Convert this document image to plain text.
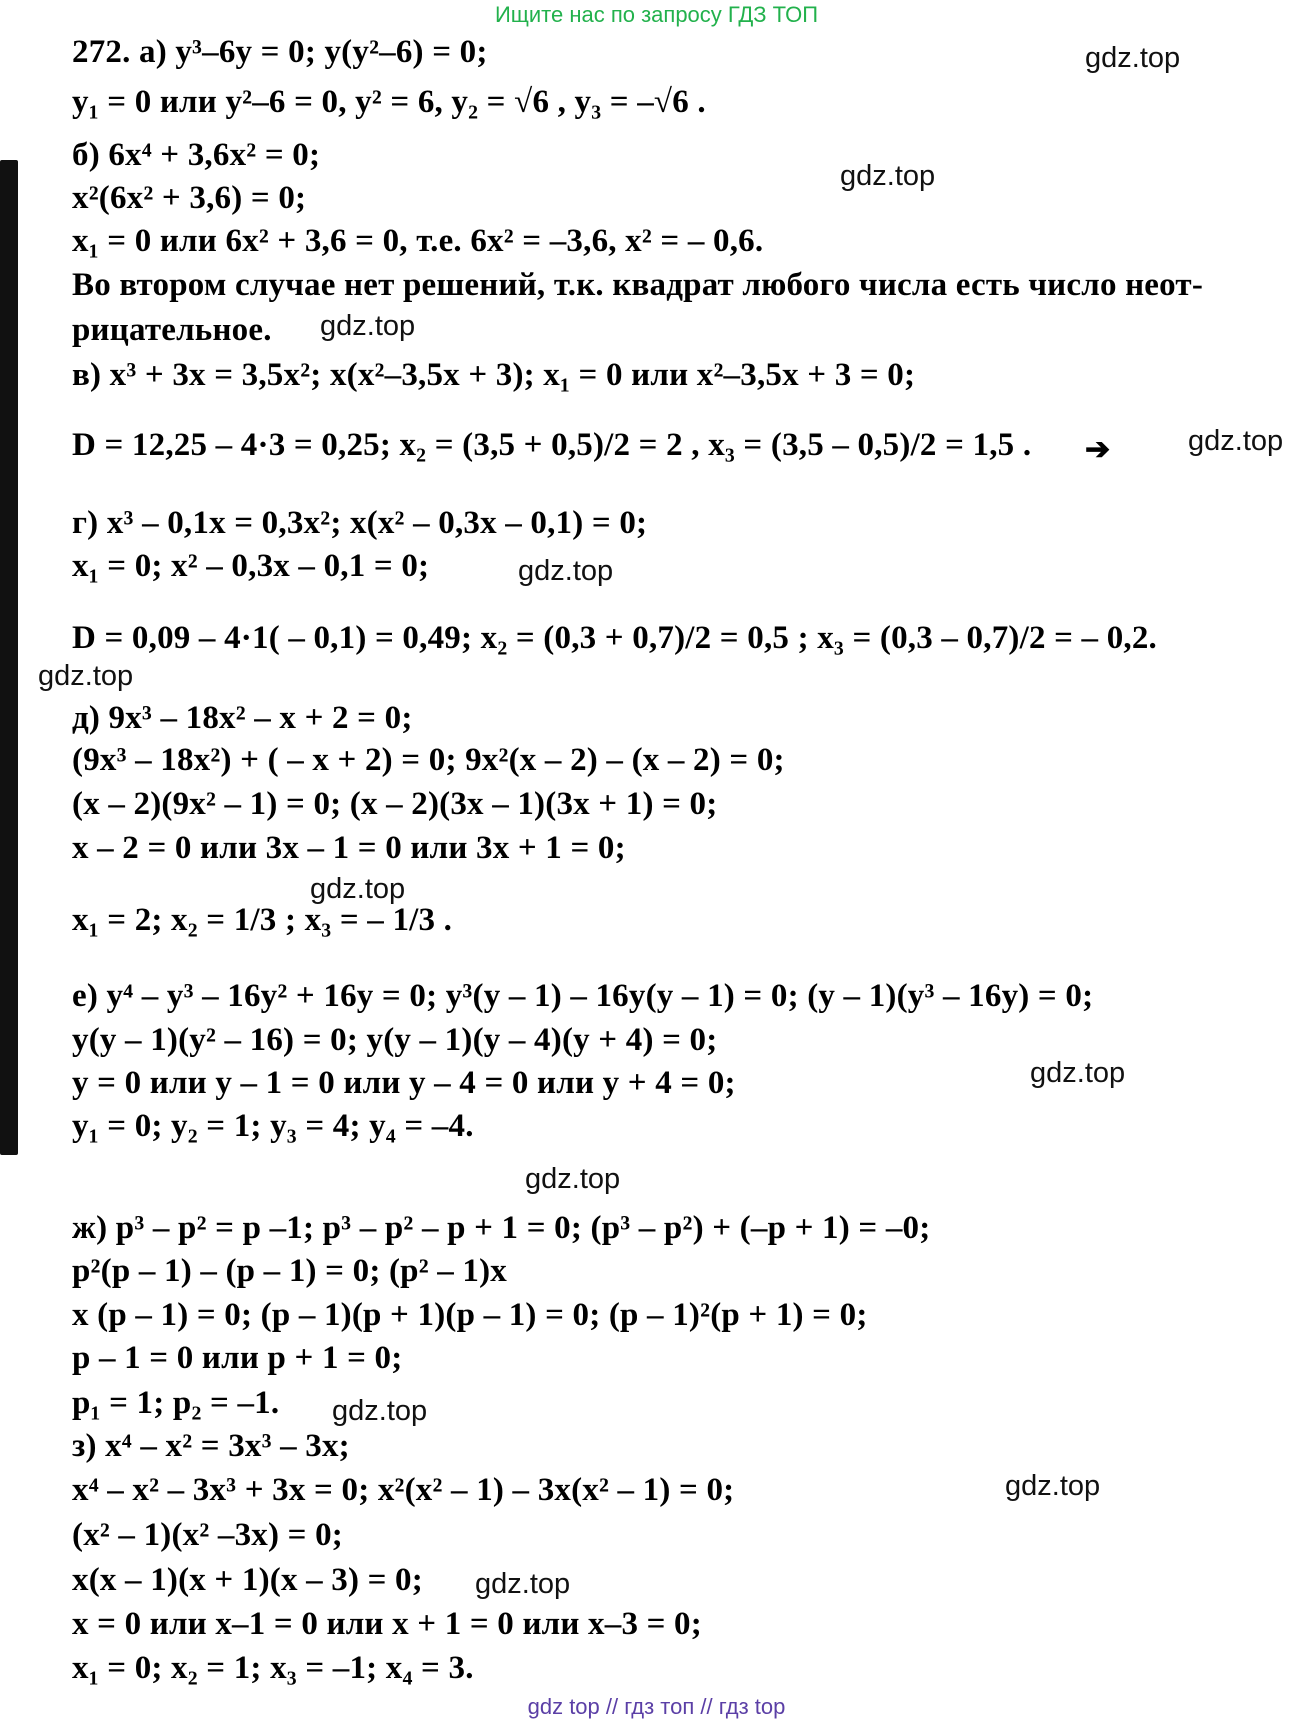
Ищите нас по запросу ГДЗ ТОП
272. а) y³–6y = 0; y(y²–6) = 0;
y₁ = 0 или y²–6 = 0, y² = 6, y₂ = √6 , y₃ = –√6 .
б) 6x⁴ + 3,6x² = 0;
x²(6x² + 3,6) = 0;
x₁ = 0 или 6x² + 3,6 = 0, т.е. 6x² = –3,6, x² = – 0,6.
Во втором случае нет решений, т.к. квадрат любого числа есть число неот-
рицательное.
в) x³ + 3x = 3,5x²; x(x²–3,5x + 3); x₁ = 0 или x²–3,5x + 3 = 0;
D = 12,25 – 4·3 = 0,25; x₂ = (3,5 + 0,5)/2 = 2 , x₃ = (3,5 – 0,5)/2 = 1,5 .
г) x³ – 0,1x = 0,3x²; x(x² – 0,3x – 0,1) = 0;
x₁ = 0; x² – 0,3x – 0,1 = 0;
D = 0,09 – 4·1( – 0,1) = 0,49; x₂ = (0,3 + 0,7)/2 = 0,5 ; x₃ = (0,3 – 0,7)/2 = – 0,2.
д) 9x³ – 18x² – x + 2 = 0;
(9x³ – 18x²) + ( – x + 2) = 0; 9x²(x – 2) – (x – 2) = 0;
(x – 2)(9x² – 1) = 0; (x – 2)(3x – 1)(3x + 1) = 0;
x – 2 = 0 или 3x – 1 = 0 или 3x + 1 = 0;
x₁ = 2; x₂ = 1/3 ; x₃ = – 1/3 .
е) y⁴ – y³ – 16y² + 16y = 0; y³(y – 1) – 16y(y – 1) = 0; (y – 1)(y³ – 16y) = 0;
y(y – 1)(y² – 16) = 0; y(y – 1)(y – 4)(y + 4) = 0;
y = 0 или y – 1 = 0 или y – 4 = 0 или y + 4 = 0;
y₁ = 0; y₂ = 1; y₃ = 4; y₄ = –4.
ж) p³ – p² = p –1; p³ – p² – p + 1 = 0; (p³ – p²) + (–p + 1) = –0;
p²(p – 1) – (p – 1) = 0; (p² – 1)x
x (p – 1) = 0; (p – 1)(p + 1)(p – 1) = 0; (p – 1)²(p + 1) = 0;
p – 1 = 0 или p + 1 = 0;
p₁ = 1; p₂ = –1.
з) x⁴ – x² = 3x³ – 3x;
x⁴ – x² – 3x³ + 3x = 0; x²(x² – 1) – 3x(x² – 1) = 0;
(x² – 1)(x² –3x) = 0;
x(x – 1)(x + 1)(x – 3) = 0;
x = 0 или x–1 = 0 или x + 1 = 0 или x–3 = 0;
x₁ = 0; x₂ = 1; x₃ = –1; x₄ = 3.
➔
gdz.top
gdz.top
gdz.top
gdz.top
gdz.top
gdz.top
gdz.top
gdz.top
gdz.top
gdz.top
gdz.top
gdz.top
gdz top // гдз топ // гдз top
